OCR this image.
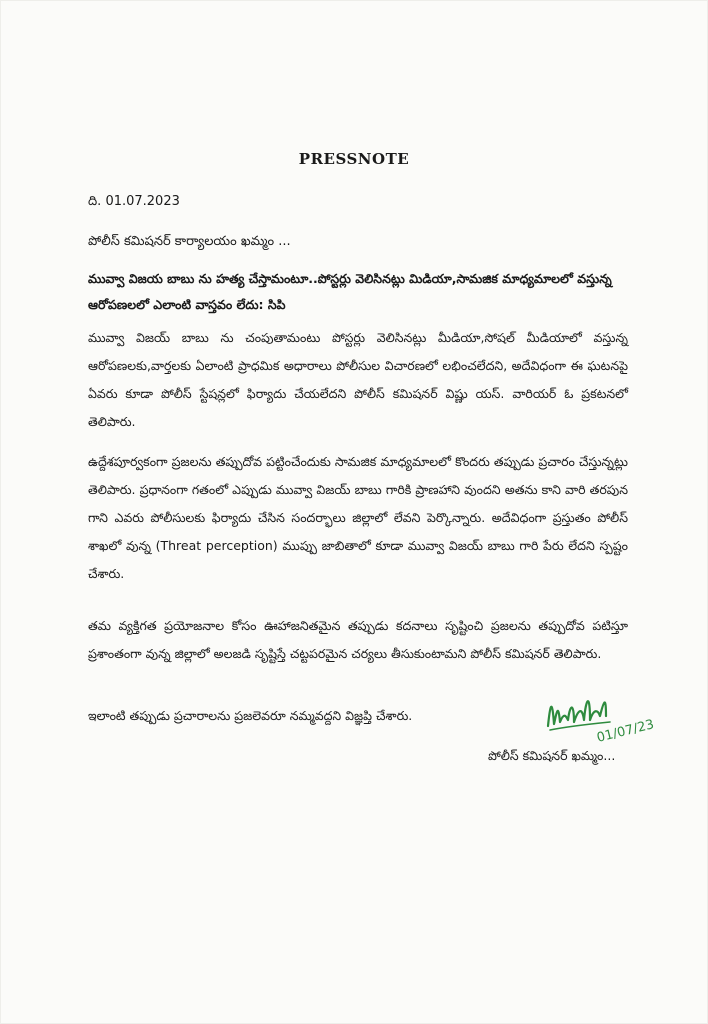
PRESSNOTE
ది. 01.07.2023
పోలీస్ కమిషనర్ కార్యాలయం ఖమ్మం ...
మువ్వా విజయ బాబు ను హత్య చేస్తామంటూ..పోస్టర్లు వెలిసినట్లు మిడియా,సామజిక మాధ్యమాలలో వస్తున్న ఆరోపణలలో ఎలాంటి వాస్తవం లేదు: సిపి
మువ్వా విజయ్ బాబు ను చంపుతామంటు పోస్టర్లు వెలిసినట్లు మీడియా,సోషల్ మీడియాలో వస్తున్న ఆరోపణలకు,వార్తలకు ఏలాంటి ప్రాధమిక అధారాలు పోలీసుల విచారణలో లభించలేదని, అదేవిధంగా ఈ ఘటనపై ఏవరు కూడా పోలీస్ స్టేషన్లలో ఫిర్యాదు చేయలేదని పోలీస్ కమిషనర్ విష్ణు యస్. వారియర్ ఓ ప్రకటనలో తెలిపారు.
ఉద్దేశపూర్వకంగా ప్రజలను తప్పుదోవ పట్టించేందుకు సామజిక మాధ్యమాలలో కొందరు తప్పుడు ప్రచారం చేస్తున్నట్లు తెలిపారు. ప్రధానంగా గతంలో ఎప్పుడు మువ్వా విజయ్ బాబు గారికి ప్రాణహాని వుందని అతను కాని వారి తరపున గాని ఎవరు పోలీసులకు ఫిర్యాదు చేసిన సందర్భాలు జిల్లాలో లేవని పెర్కొన్నారు. అదేవిధంగా ప్రస్తుతం పోలీస్ శాఖలో వున్న (Threat perception) ముప్పు జాబితాలో కూడా మువ్వా విజయ్ బాబు గారి పేరు లేదని స్పష్టం చేశారు.
తమ వ్యక్తిగత ప్రయోజనాల కోసం ఊహాజనితమైన తప్పుడు కదనాలు సృష్టించి ప్రజలను తప్పుదోవ పటిస్తూ ప్రశాంతంగా వున్న జిల్లాలో అలజడి సృష్టిస్తే చట్టపరమైన చర్యలు తీసుకుంటామని పోలీస్ కమిషనర్ తెలిపారు.
ఇలాంటి తప్పుడు ప్రచారాలను ప్రజలెవరూ నమ్మవద్దని విజ్ఞప్తి చేశారు.
01/07/23
పోలీస్ కమిషనర్ ఖమ్మం...
